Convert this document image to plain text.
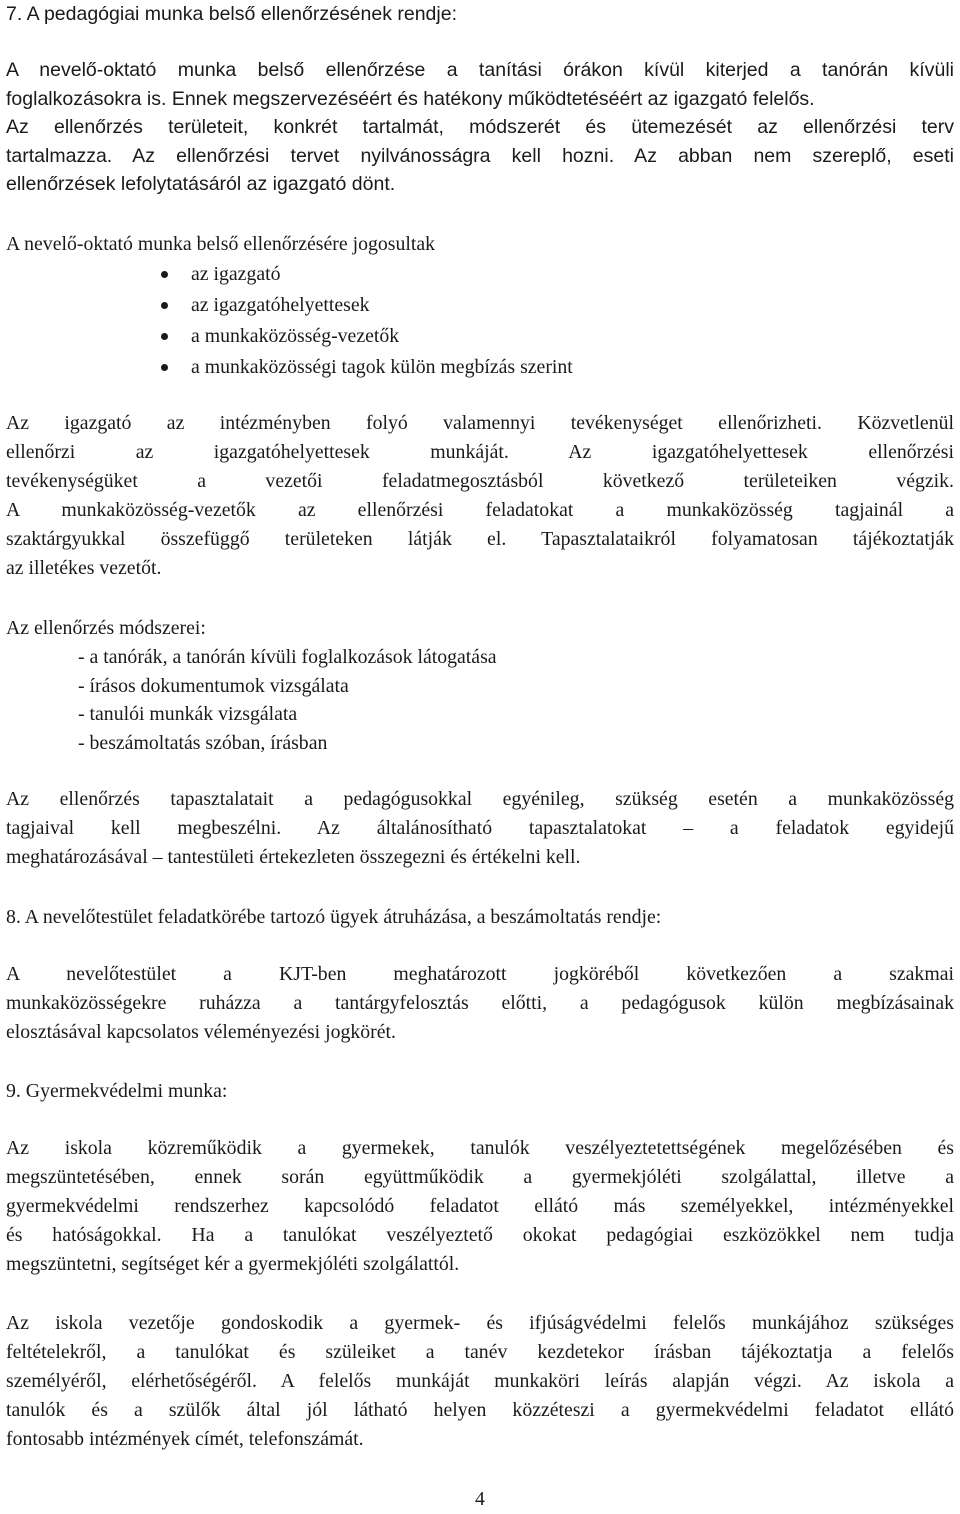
7. A pedagógiai munka belső ellenőrzésének rendje:
A nevelő-oktató munka belső ellenőrzése a tanítási órákon kívül kiterjed a tanórán kívüli
foglalkozásokra is. Ennek megszervezéséért és hatékony működtetéséért az igazgató felelős.
Az ellenőrzés területeit, konkrét tartalmát, módszerét és ütemezését az ellenőrzési terv
tartalmazza. Az ellenőrzési tervet nyilvánosságra kell hozni. Az abban nem szereplő, eseti
ellenőrzések lefolytatásáról az igazgató dönt.
A nevelő-oktató munka belső ellenőrzésére jogosultak
az igazgató
az igazgatóhelyettesek
a munkaközösség-vezetők
a munkaközösségi tagok külön megbízás szerint
Az igazgató az intézményben folyó valamennyi tevékenységet ellenőrizheti. Közvetlenül
ellenőrzi az igazgatóhelyettesek munkáját. Az igazgatóhelyettesek ellenőrzési
tevékenységüket a vezetői feladatmegosztásból következő területeiken végzik.
A munkaközösség-vezetők az ellenőrzési feladatokat a munkaközösség tagjainál a
szaktárgyukkal összefüggő területeken látják el. Tapasztalataikról folyamatosan tájékoztatják
az illetékes vezetőt.
Az ellenőrzés módszerei:
- a tanórák, a tanórán kívüli foglalkozások látogatása
- írásos dokumentumok vizsgálata
- tanulói munkák vizsgálata
- beszámoltatás szóban, írásban
Az ellenőrzés tapasztalatait a pedagógusokkal egyénileg, szükség esetén a munkaközösség
tagjaival kell megbeszélni. Az általánosítható tapasztalatokat – a feladatok egyidejű
meghatározásával – tantestületi értekezleten összegezni és értékelni kell.
8. A nevelőtestület feladatkörébe tartozó ügyek átruházása, a beszámoltatás rendje:
A nevelőtestület a KJT-ben meghatározott jogköréből következően a szakmai
munkaközösségekre ruházza a tantárgyfelosztás előtti, a pedagógusok külön megbízásainak
elosztásával kapcsolatos véleményezési jogkörét.
9. Gyermekvédelmi munka:
Az iskola közreműködik a gyermekek, tanulók veszélyeztetettségének megelőzésében és
megszüntetésében, ennek során együttműködik a gyermekjóléti szolgálattal, illetve a
gyermekvédelmi rendszerhez kapcsolódó feladatot ellátó más személyekkel, intézményekkel
és hatóságokkal. Ha a tanulókat veszélyeztető okokat pedagógiai eszközökkel nem tudja
megszüntetni, segítséget kér a gyermekjóléti szolgálattól.
Az iskola vezetője gondoskodik a gyermek- és ifjúságvédelmi felelős munkájához szükséges
feltételekről, a tanulókat és szüleiket a tanév kezdetekor írásban tájékoztatja a felelős
személyéről, elérhetőségéről. A felelős munkáját munkaköri leírás alapján végzi. Az iskola a
tanulók és a szülők által jól látható helyen közzéteszi a gyermekvédelmi feladatot ellátó
fontosabb intézmények címét, telefonszámát.
4
